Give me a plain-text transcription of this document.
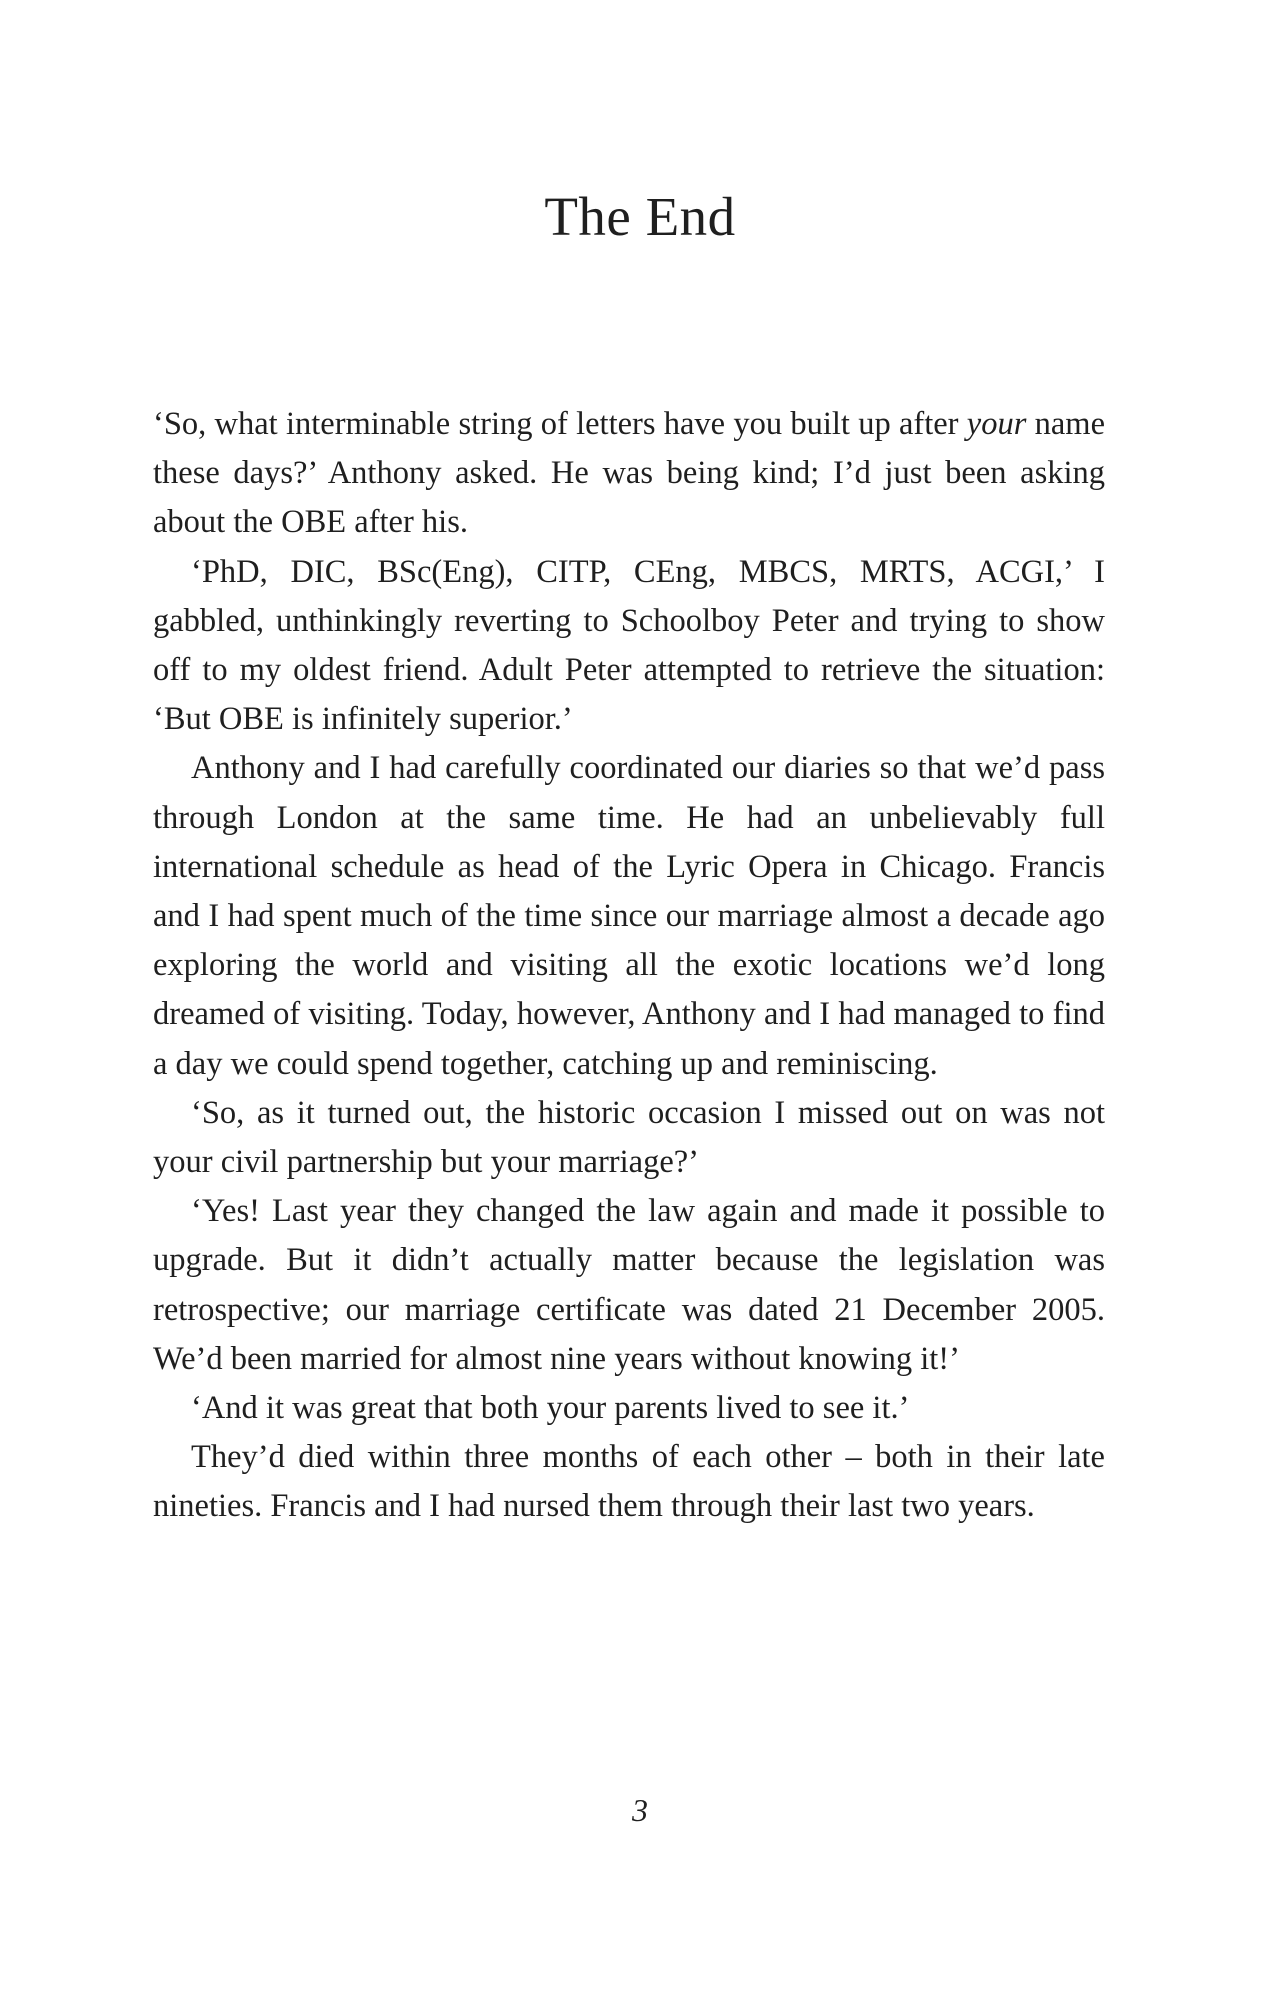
The End

‘So, what interminable string of letters have you built up after your name these days?’ Anthony asked. He was being kind; I’d just been asking about the OBE after his.

‘PhD, DIC, BSc(Eng), CITP, CEng, MBCS, MRTS, ACGI,’ I gabbled, unthinkingly reverting to Schoolboy Peter and trying to show off to my oldest friend. Adult Peter attempted to retrieve the situation: ‘But OBE is infinitely superior.’

Anthony and I had carefully coordinated our diaries so that we’d pass through London at the same time. He had an unbelievably full international schedule as head of the Lyric Opera in Chicago. Francis and I had spent much of the time since our marriage almost a decade ago exploring the world and visiting all the exotic locations we’d long dreamed of visiting. Today, however, Anthony and I had managed to find a day we could spend together, catching up and reminiscing.

‘So, as it turned out, the historic occasion I missed out on was not your civil partnership but your marriage?’

‘Yes! Last year they changed the law again and made it possible to upgrade. But it didn’t actually matter because the legislation was retrospective; our marriage certificate was dated 21 December 2005. We’d been married for almost nine years without knowing it!’

‘And it was great that both your parents lived to see it.’

They’d died within three months of each other – both in their late nineties. Francis and I had nursed them through their last two years.

3
